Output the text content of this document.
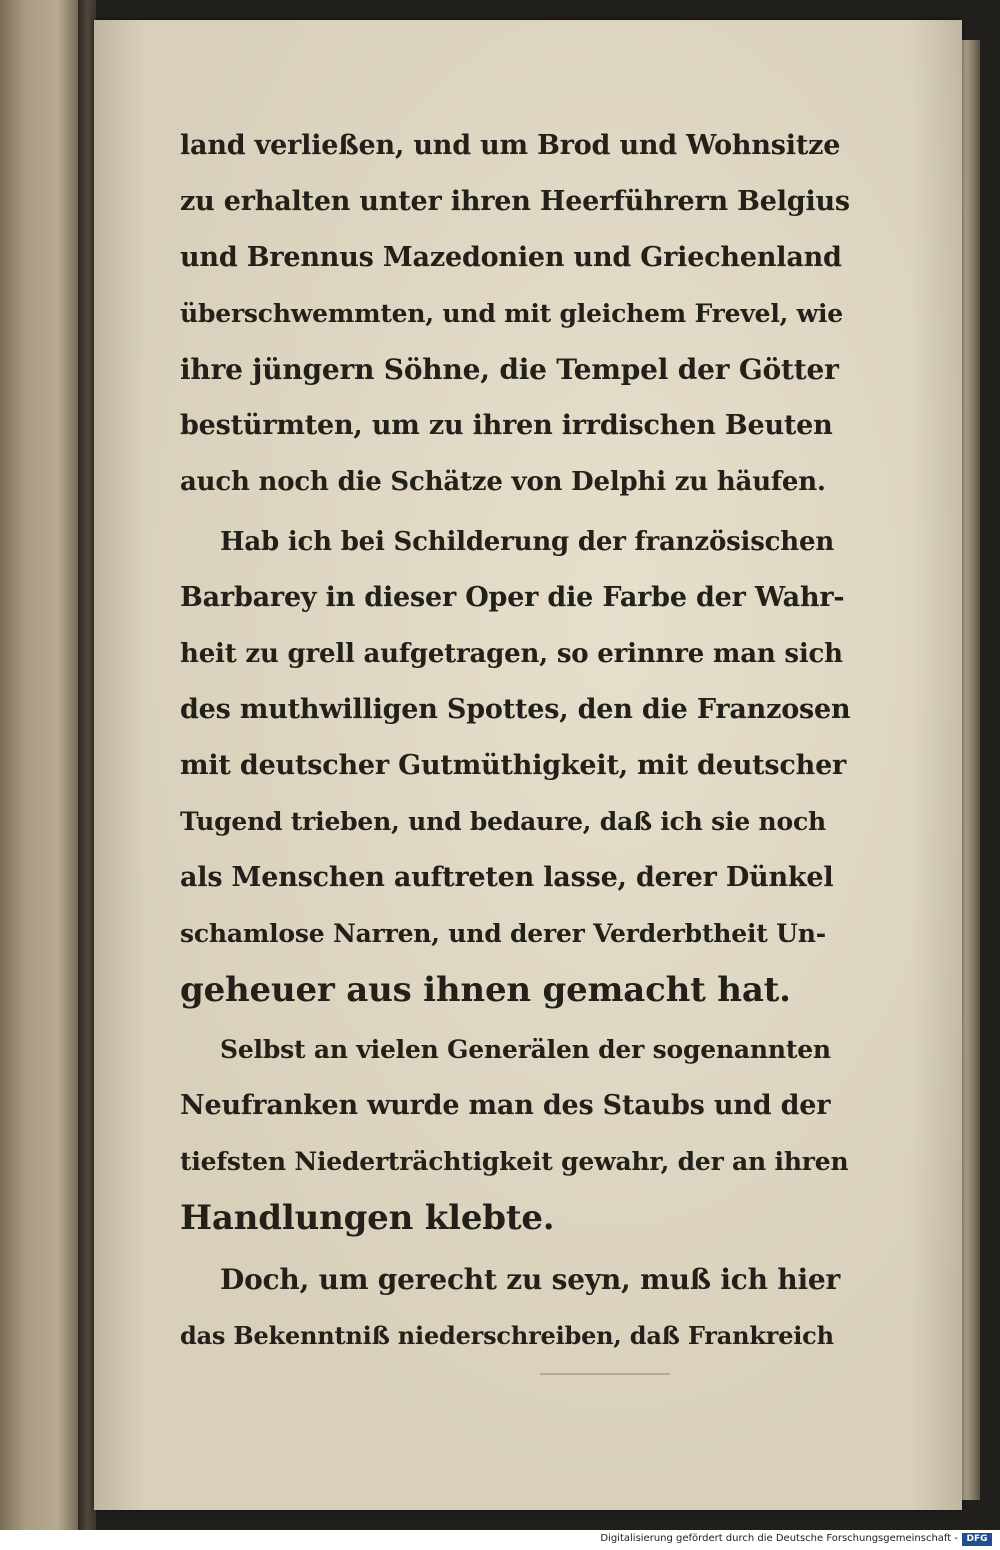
land verließen, und um Brod und Wohnsitze
zu erhalten unter ihren Heerführern Belgius
und Brennus Mazedonien und Griechenland
überschwemmten, und mit gleichem Frevel, wie
ihre jüngern Söhne, die Tempel der Götter
bestürmten, um zu ihren irrdischen Beuten
auch noch die Schätze von Delphi zu häufen.
Hab ich bei Schilderung der französischen
Barbarey in dieser Oper die Farbe der Wahr-
heit zu grell aufgetragen, so erinnre man sich
des muthwilligen Spottes, den die Franzosen
mit deutscher Gutmüthigkeit, mit deutscher
Tugend trieben, und bedaure, daß ich sie noch
als Menschen auftreten lasse, derer Dünkel
schamlose Narren, und derer Verderbtheit Un-
geheuer aus ihnen gemacht hat.
Selbst an vielen Generälen der sogenannten
Neufranken wurde man des Staubs und der
tiefsten Niederträchtigkeit gewahr, der an ihren
Handlungen klebte.
Doch, um gerecht zu seyn, muß ich hier
das Bekenntniß niederschreiben, daß Frankreich
Digitalisierung gefördert durch die Deutsche Forschungsgemeinschaft - DFG
